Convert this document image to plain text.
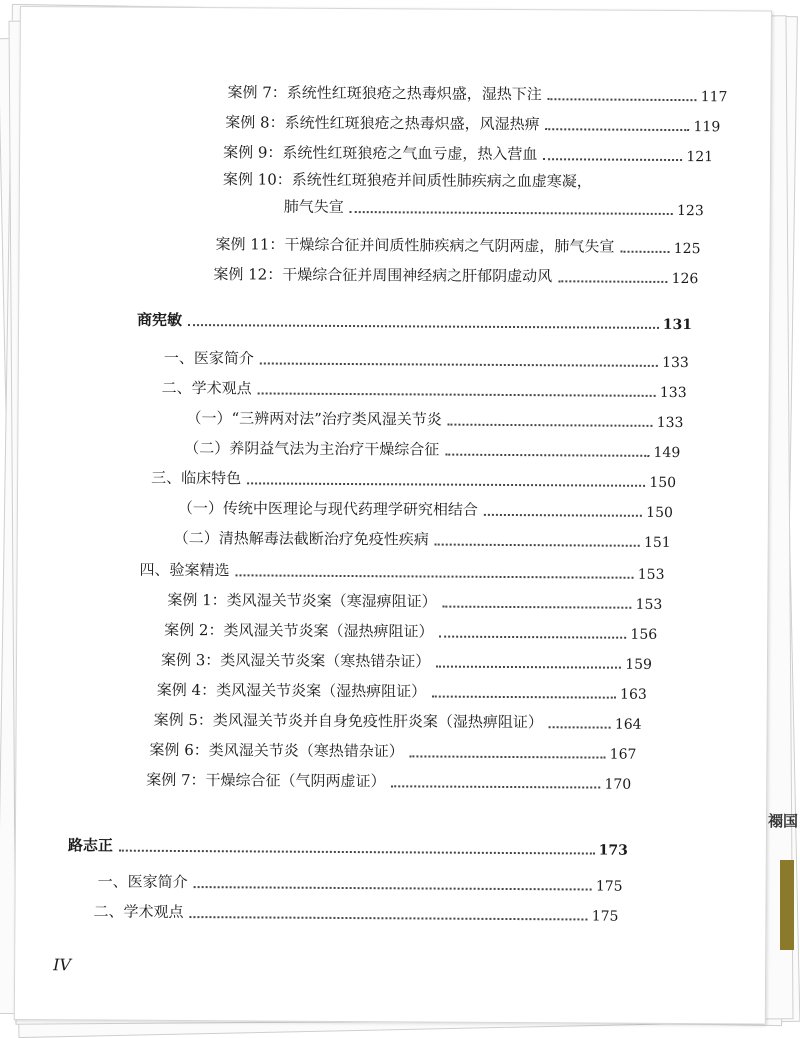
禤国
案例 7：系统性红斑狼疮之热毒炽盛，湿热下注	117
案例 8：系统性红斑狼疮之热毒炽盛，风湿热痹	119
案例 9：系统性红斑狼疮之气血亏虚，热入营血	121
案例 10：系统性红斑狼疮并间质性肺疾病之血虚寒凝，
肺气失宣	123
案例 11：干燥综合征并间质性肺疾病之气阴两虚，肺气失宣	125
案例 12：干燥综合征并周围神经病之肝郁阴虚动风	126
商宪敏	131
一、医家简介	133
二、学术观点	133
（一）“三辨两对法”治疗类风湿关节炎	133
（二）养阴益气法为主治疗干燥综合征	149
三、临床特色	150
（一）传统中医理论与现代药理学研究相结合	150
（二）清热解毒法截断治疗免疫性疾病	151
四、验案精选	153
案例 1：类风湿关节炎案（寒湿痹阻证）	153
案例 2：类风湿关节炎案（湿热痹阻证）	156
案例 3：类风湿关节炎案（寒热错杂证）	159
案例 4：类风湿关节炎案（湿热痹阻证）	163
案例 5：类风湿关节炎并自身免疫性肝炎案（湿热痹阻证）	164
案例 6：类风湿关节炎（寒热错杂证）	167
案例 7：干燥综合征（气阴两虚证）	170
路志正	173
一、医家简介	175
二、学术观点	175
IV
